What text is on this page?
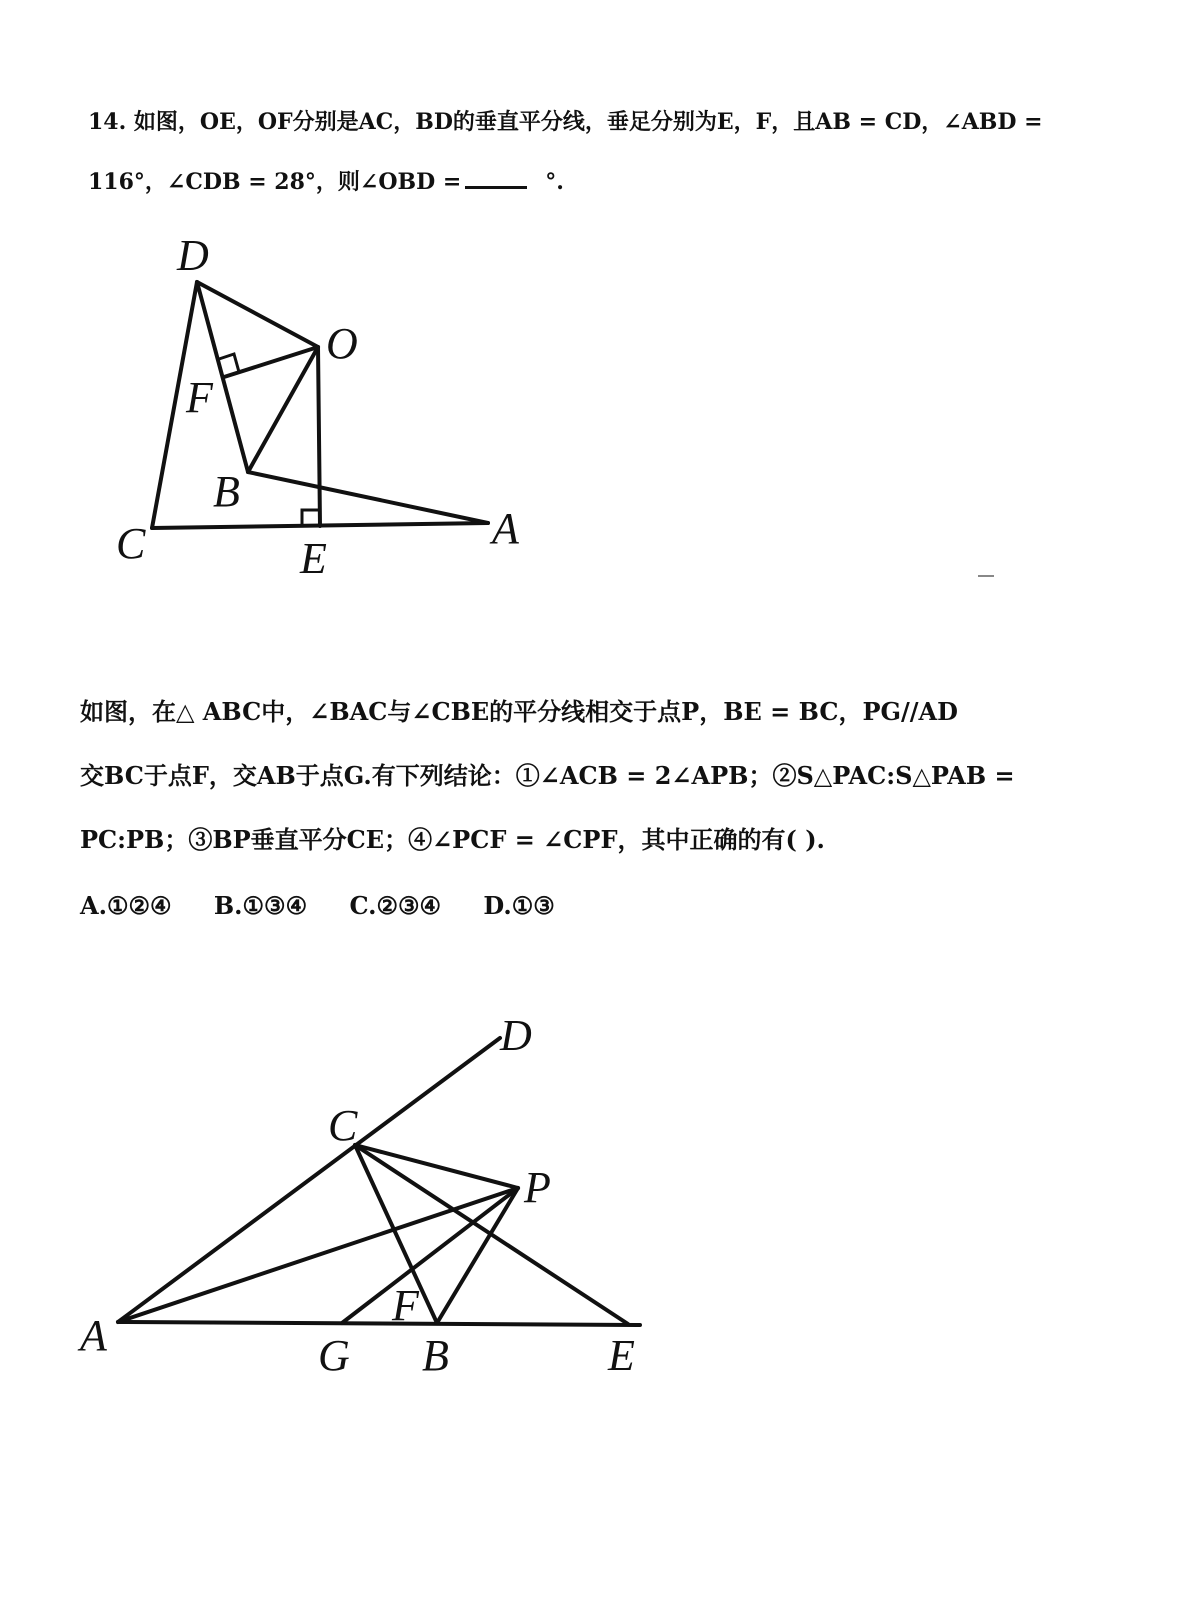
14. 如图，OE，OF分别是AC，BD的垂直平分线，垂足分别为E，F，且AB = CD，∠ABD =
116°，∠CDB = 28°，则∠OBD =	°.
D
O
F
B
C	E
A
如图，在△ ABC中，∠BAC与∠CBE的平分线相交于点P，BE = BC，PG//AD
交BC于点F，交AB于点G.有下列结论：①∠ACB = 2∠APB；②S△PAC:S△PAB =
PC:PB；③BP垂直平分CE；④∠PCF = ∠CPF，其中正确的有( ).
A.①②④ B.①③④ C.②③④ D.①③
D
C
P
F
A	G B	E
